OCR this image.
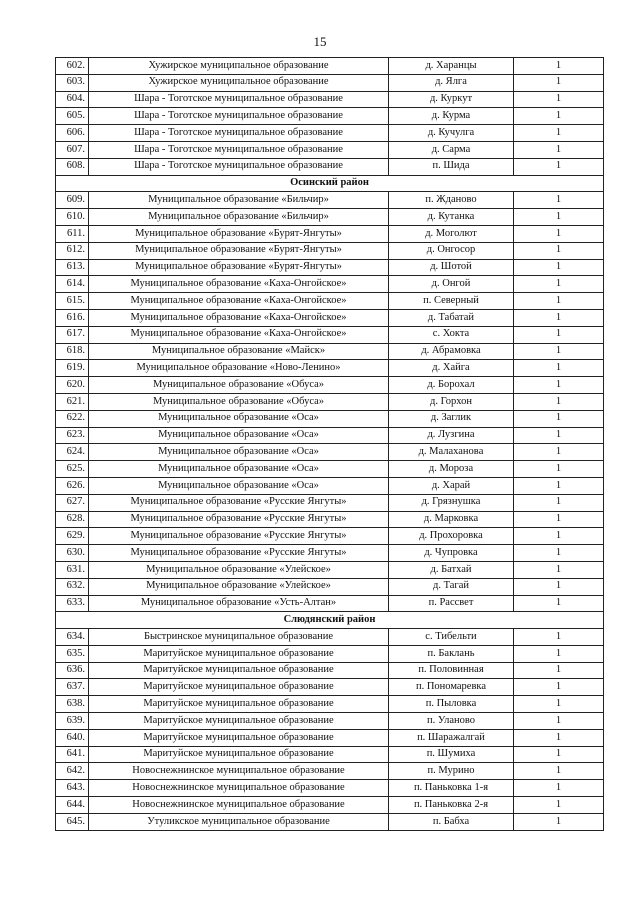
15
602.	Хужирское муниципальное образование	д. Харанцы	1
603.	Хужирское муниципальное образование	д. Ялга	1
604.	Шара - Тоготское муниципальное образование	д. Куркут	1
605.	Шара - Тоготское муниципальное образование	д. Курма	1
606.	Шара - Тоготское муниципальное образование	д. Кучулга	1
607.	Шара - Тоготское муниципальное образование	д. Сарма	1
608.	Шара - Тоготское муниципальное образование	п. Шида	1
Осинский район			
609.	Муниципальное образование «Бильчир»	п. Жданово	1
610.	Муниципальное образование «Бильчир»	д. Кутанка	1
611.	Муниципальное образование «Бурят-Янгуты»	д. Моголют	1
612.	Муниципальное образование «Бурят-Янгуты»	д. Онгосор	1
613.	Муниципальное образование «Бурят-Янгуты»	д. Шотой	1
614.	Муниципальное образование «Каха-Онгойское»	д. Онгой	1
615.	Муниципальное образование «Каха-Онгойское»	п. Северный	1
616.	Муниципальное образование «Каха-Онгойское»	д. Табатай	1
617.	Муниципальное образование «Каха-Онгойское»	с. Хокта	1
618.	Муниципальное образование «Майск»	д. Абрамовка	1
619.	Муниципальное образование «Ново-Ленино»	д. Хайга	1
620.	Муниципальное образование «Обуса»	д. Борохал	1
621.	Муниципальное образование «Обуса»	д. Горхон	1
622.	Муниципальное образование «Оса»	д. Заглик	1
623.	Муниципальное образование «Оса»	д. Лузгина	1
624.	Муниципальное образование «Оса»	д. Малахановa	1
625.	Муниципальное образование «Оса»	д. Мороза	1
626.	Муниципальное образование «Оса»	д. Харай	1
627.	Муниципальное образование «Русские Янгуты»	д. Грязнушка	1
628.	Муниципальное образование «Русские Янгуты»	д. Марковка	1
629.	Муниципальное образование «Русские Янгуты»	д. Прохоровка	1
630.	Муниципальное образование «Русские Янгуты»	д. Чупровка	1
631.	Муниципальное образование «Улейское»	д. Батхай	1
632.	Муниципальное образование «Улейское»	д. Тагай	1
633.	Муниципальное образование «Усть-Алтан»	п. Рассвет	1
Слюдянский район			
634.	Быстринское муниципальное образование	с. Тибельти	1
635.	Маритуйское муниципальное образование	п. Баклань	1
636.	Маритуйское муниципальное образование	п. Половинная	1
637.	Маритуйское муниципальное образование	п. Пономаревка	1
638.	Маритуйское муниципальное образование	п. Пыловка	1
639.	Маритуйское муниципальное образование	п. Уланово	1
640.	Маритуйское муниципальное образование	п. Шаражалгай	1
641.	Маритуйское муниципальное образование	п. Шумиха	1
642.	Новоснежнинское муниципальное образование	п. Мурино	1
643.	Новоснежнинское муниципальное образование	п. Паньковка 1-я	1
644.	Новоснежнинское муниципальное образование	п. Паньковка 2-я	1
645.	Утуликское муниципальное образование	п. Бабха	1
